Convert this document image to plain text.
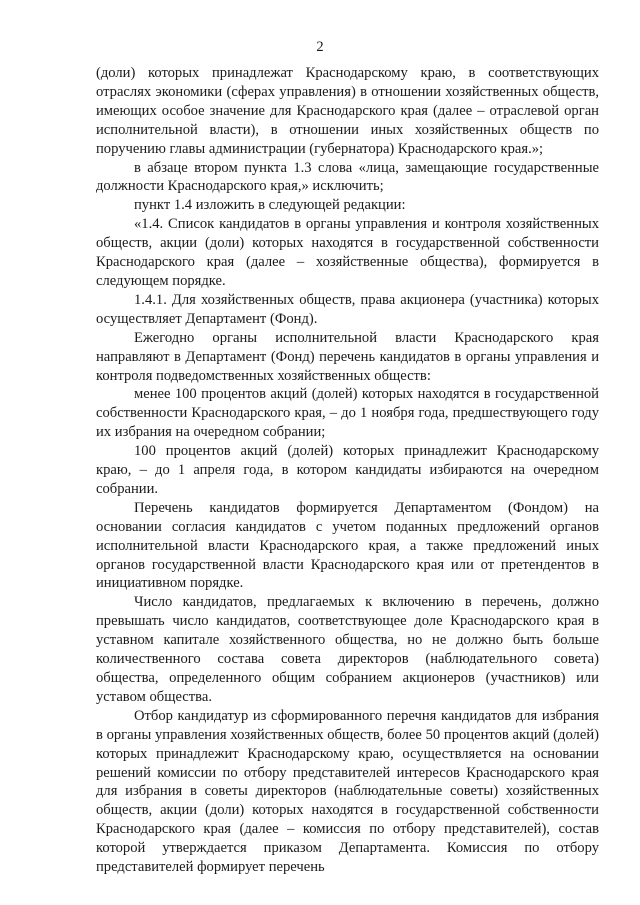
2

(доли) которых принадлежат Краснодарскому краю, в соответствующих отраслях экономики (сферах управления) в отношении хозяйственных обществ, имеющих особое значение для Краснодарского края (далее – отраслевой орган исполнительной власти), в отношении иных хозяйственных обществ по поручению главы администрации (губернатора) Краснодарского края.»;

в абзаце втором пункта 1.3 слова «лица, замещающие государственные должности Краснодарского края,» исключить;

пункт 1.4 изложить в следующей редакции:

«1.4. Список кандидатов в органы управления и контроля хозяйственных обществ, акции (доли) которых находятся в государственной собственности Краснодарского края (далее – хозяйственные общества), формируется в следующем порядке.

1.4.1. Для хозяйственных обществ, права акционера (участника) которых осуществляет Департамент (Фонд).

Ежегодно органы исполнительной власти Краснодарского края направляют в Департамент (Фонд) перечень кандидатов в органы управления и контроля подведомственных хозяйственных обществ:

менее 100 процентов акций (долей) которых находятся в государственной собственности Краснодарского края, – до 1 ноября года, предшествующего году их избрания на очередном собрании;

100 процентов акций (долей) которых принадлежит Краснодарскому краю, – до 1 апреля года, в котором кандидаты избираются на очередном собрании.

Перечень кандидатов формируется Департаментом (Фондом) на основании согласия кандидатов с учетом поданных предложений органов исполнительной власти Краснодарского края, а также предложений иных органов государственной власти Краснодарского края или от претендентов в инициативном порядке.

Число кандидатов, предлагаемых к включению в перечень, должно превышать число кандидатов, соответствующее доле Краснодарского края в уставном капитале хозяйственного общества, но не должно быть больше количественного состава совета директоров (наблюдательного совета) общества, определенного общим собранием акционеров (участников) или уставом общества.

Отбор кандидатур из сформированного перечня кандидатов для избрания в органы управления хозяйственных обществ, более 50 процентов акций (долей) которых принадлежит Краснодарскому краю, осуществляется на основании решений комиссии по отбору представителей интересов Краснодарского края для избрания в советы директоров (наблюдательные советы) хозяйственных обществ, акции (доли) которых находятся в государственной собственности Краснодарского края (далее – комиссия по отбору представителей), состав которой утверждается приказом Департамента. Комиссия по отбору представителей формирует перечень
